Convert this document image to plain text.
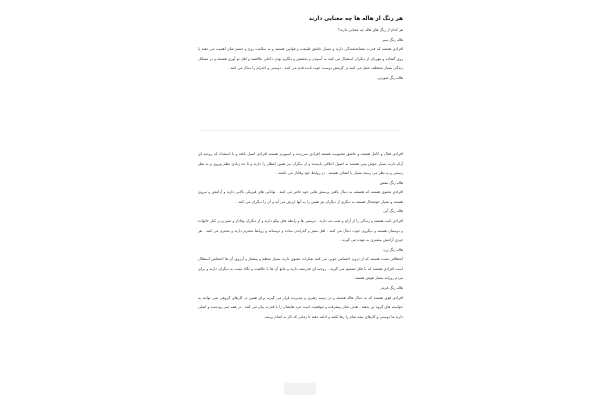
هر رنگ از هاله ها چه معنایی دارند
هر کدام از رنگ های هاله چه معنایی دارند؟
هاله رنگ سبز
افرادی هستند که قدرت شفابخشندگی دارند و بسیار عاشق طبیعت و قوانین هستند و به سلامت روح و جسم شان اهمیت می دهند با روی گشاده و مهربان از دیگران استقبال می کنند به آسودن و بخشش و دلگرم بودن داخلی علاقمند و اهل نو آوری هستند و در مسائل زندگی بسیار منعطف عمل می کنند در گزینش دوست خوب ثابت قدم می کنند . دوستی و احترام را دنبال می کنند .
هاله رنگ صورتی
افرادی فعال و کامل هستند و عاشق محبوبیت هستند افرادی سرزنده و اسپورتز هستند افرادی اصیل یافته و با استعداد که روحیه ای آرام دارند بسیار خوش بینی هستند به اصول اخلاقی پایبندند و از دیگران نیز همین انتظار را دارند و تا حد زیادی نظم پیروی و به نظر رسمی و به نظر می رسند بسیار با انصاف هستند . در روابط خود وفادار می باشند .
هاله رنگ بنفش
افرادی معنوی هستند که همیشه به دنبال یافتن پرسش هایی خود خاص می کنند . توانایی های فیزیکی بالایی دارند و آرامش و نیروی هستند و بسیار خوشحال هستند به دیگری از دیگران نیز همین را به آنها ارزش می آید و آن را دیگران می کنند .
هاله رنگ آبی
افرادی ثابت هستند و زندگی را از آرام و شب تب دارند . دوستی ها و رابطه های نیکو دارند و از دیگران وفادار و تمیز و در کنار خانواده و دوستان هستند و دیگرون خوب دنبال می کنند . اهل سفر و گذراندن ساده و دوستانه و روابط محترم دارند و محترم می کنند . هر چیزی آرامش بیشتری به عهده می گیرند .
هاله رنگ زرد
انعطافی مثبت هستند که از درون احساس خوبی می کنند تفکرات معنوی دارند بسیار منظم و پیشتاز و آرزوی آن ها احساس استقلال است افرادی هستند که با فکر تصمیم می گیرند . روحیه ای قدرتمند دارند و مانع آن ها با خلاقیت و نگاه مثبت به دیگران دارند و برای مردم روزانه بسیار هوش هستند .
هاله رنگ قرمز
افرادی قوی هستند که به دنبال هاله هستند و در زمینه رهبری و مدیریت قرار می گیرند برای همین در کارهای گروهی نمی توانند به خواسته های گروه تن بدهند . هدف شان پیشرفت و موفقیت است خرد هایشان را با قدرت بیان می کنند . در همه چیز رودست و اصلی دارند ما دوستی و کارهای نیمه تمام را رها نکنند و ادامه دهند تا زمانی که کار به اتمام برسد.
